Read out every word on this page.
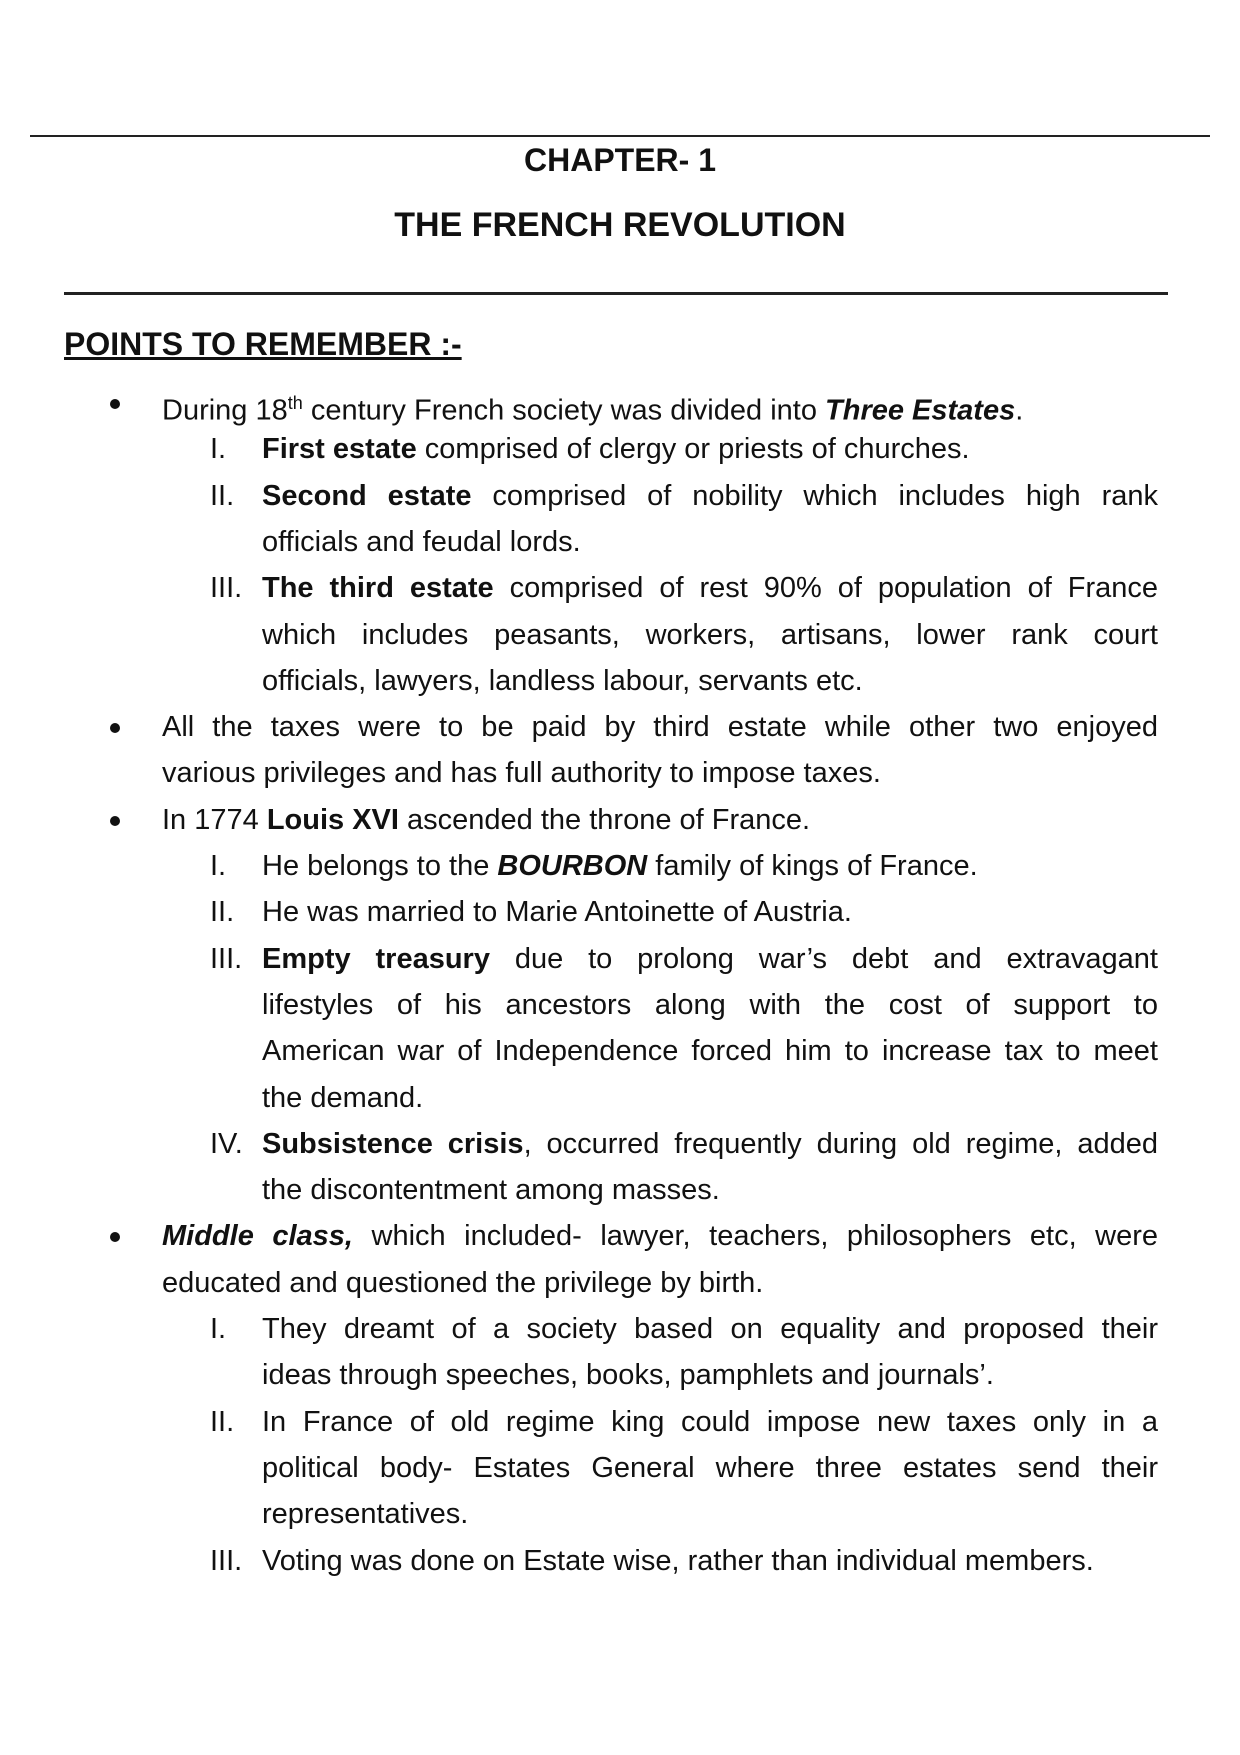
CHAPTER- 1
THE FRENCH REVOLUTION
POINTS TO REMEMBER :-
During 18th century French society was divided into Three Estates.
I. First estate comprised of clergy or priests of churches.
II. Second estate comprised of nobility which includes high rank
officials and feudal lords.
III. The third estate comprised of rest 90% of population of France
which includes peasants, workers, artisans, lower rank court
officials, lawyers, landless labour, servants etc.
All the taxes were to be paid by third estate while other two enjoyed
various privileges and has full authority to impose taxes.
In 1774 Louis XVI ascended the throne of France.
I. He belongs to the BOURBON family of kings of France.
II. He was married to Marie Antoinette of Austria.
III. Empty treasury due to prolong war’s debt and extravagant
lifestyles of his ancestors along with the cost of support to
American war of Independence forced him to increase tax to meet
the demand.
IV. Subsistence crisis, occurred frequently during old regime, added
the discontentment among masses.
Middle class, which included- lawyer, teachers, philosophers etc, were
educated and questioned the privilege by birth.
I. They dreamt of a society based on equality and proposed their
ideas through speeches, books, pamphlets and journals’.
II. In France of old regime king could impose new taxes only in a
political body- Estates General where three estates send their
representatives.
III. Voting was done on Estate wise, rather than individual members.
